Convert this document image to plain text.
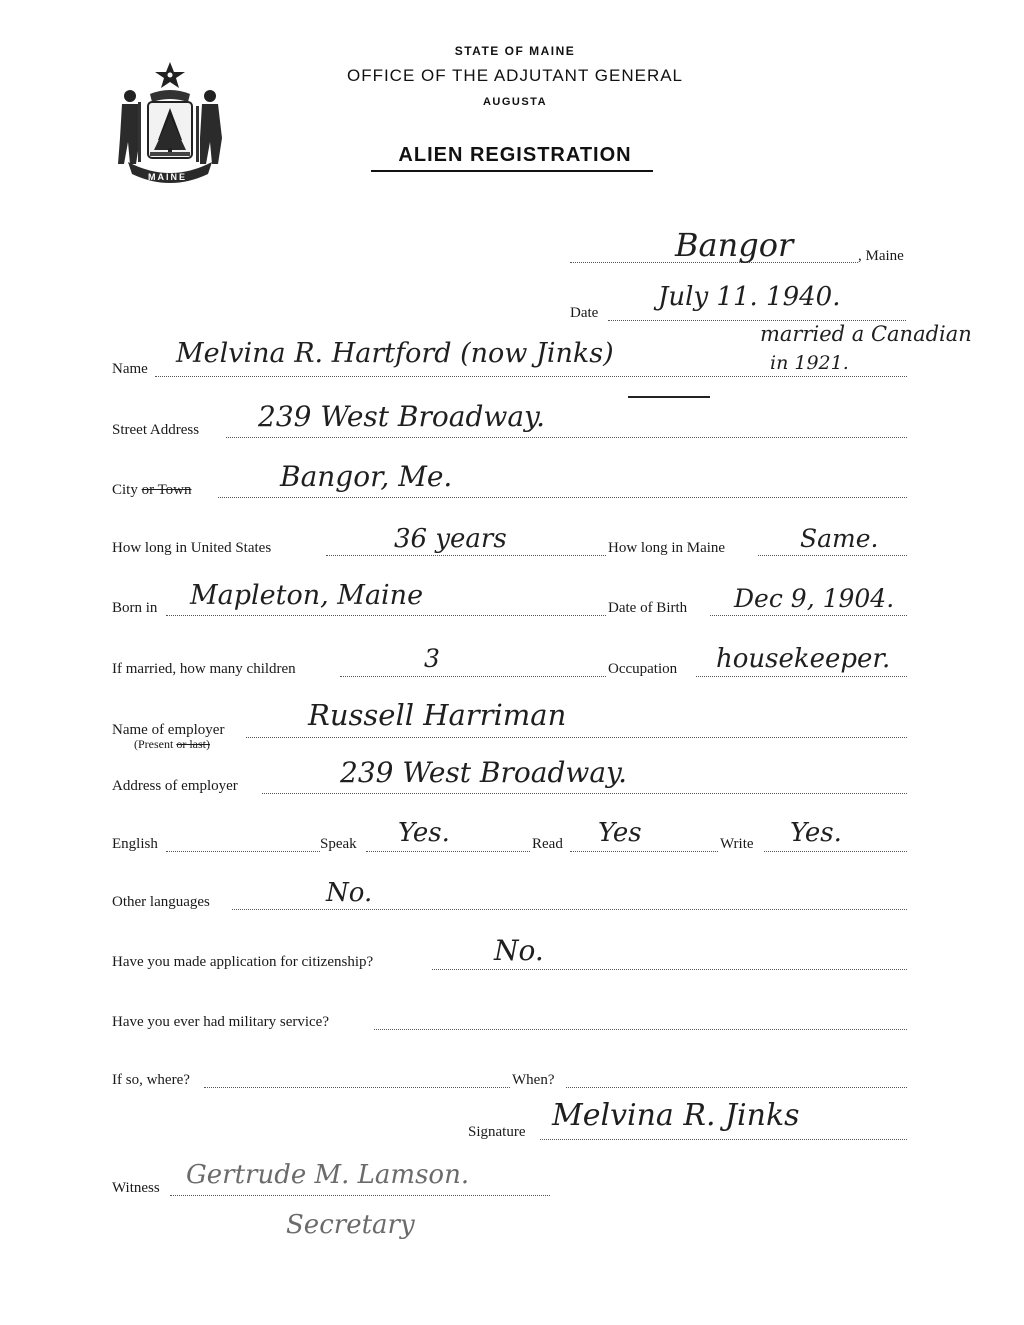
MAINE
STATE OF MAINE
OFFICE OF THE ADJUTANT GENERAL
AUGUSTA
ALIEN REGISTRATION
Bangor	, Maine
Date
July 11. 1940.
Name Melvina R. Hartford (now Jinks)
married a Canadian
in 1921.
Street Address 239 West Broadway.
City or Town	Bangor, Me.
How long in United States	36 years	How long in Maine	Same.
Born in Mapleton, Maine	Date of Birth Dec 9, 1904.
If married, how many children	3	Occupation housekeeper.
Name of employer
(Present or last)
Russell Harriman
Address of employer	239 West Broadway.
English	Speak Yes.	Read Yes	Write Yes.
Other languages	No.
Have you made application for citizenship?	No.
Have you ever had military service?
If so, where?	When?
Signature Melvina R. Jinks
Witness Gertrude M. Lamson.
Secretary
